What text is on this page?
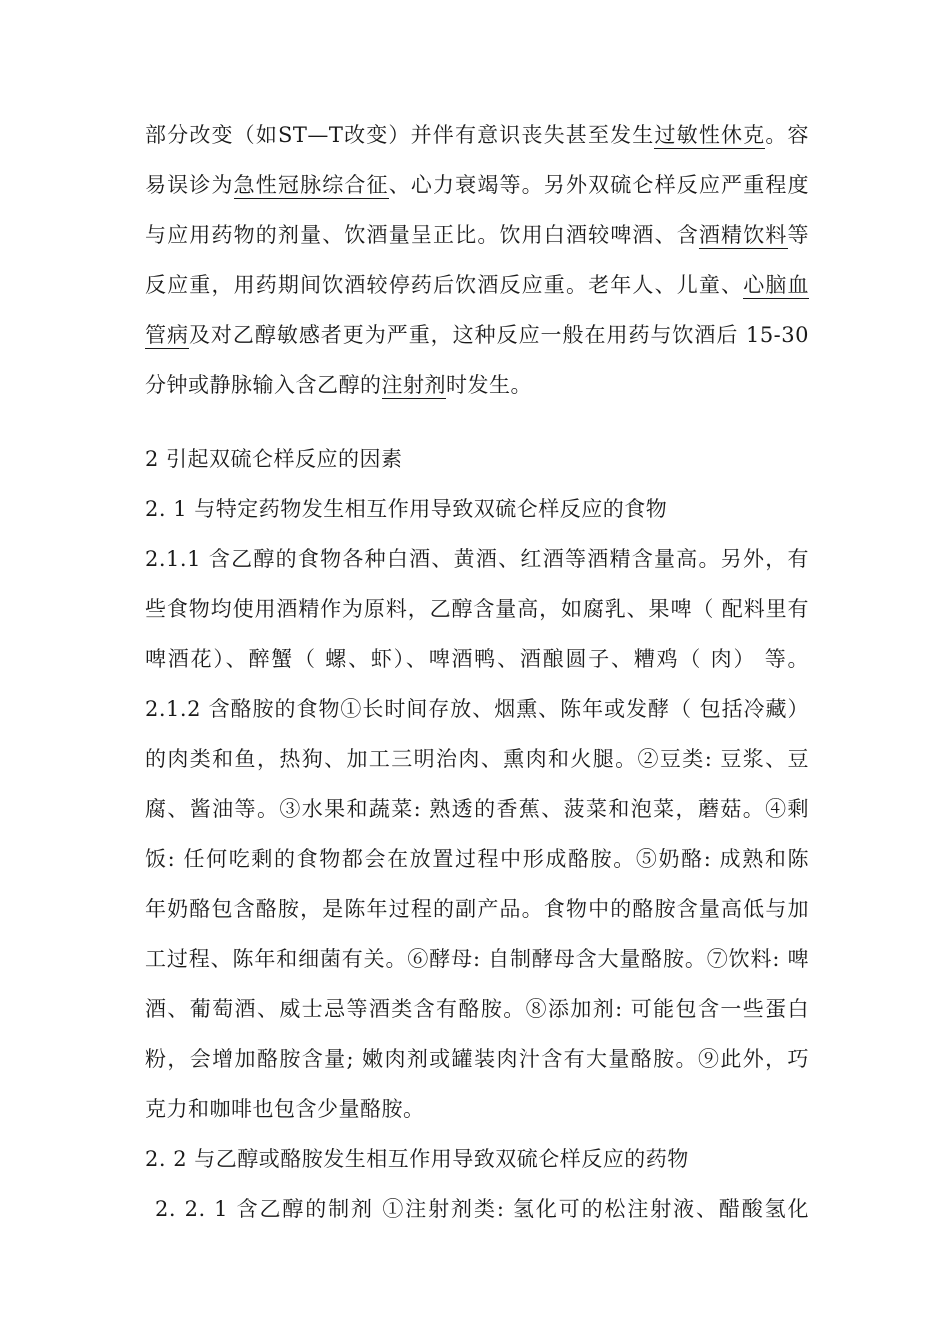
部分改变（如ST—T改变）并伴有意识丧失甚至发生过敏性休克。容
易误诊为急性冠脉综合征、心力衰竭等。另外双硫仑样反应严重程度
与应用药物的剂量、饮酒量呈正比。饮用白酒较啤酒、含酒精饮料等
反应重，用药期间饮酒较停药后饮酒反应重。老年人、儿童、心脑血
管病及对乙醇敏感者更为严重，这种反应一般在用药与饮酒后 15-30
分钟或静脉输入含乙醇的注射剂时发生。
2 引起双硫仑样反应的因素
2. 1 与特定药物发生相互作用导致双硫仑样反应的食物
2.1.1 含乙醇的食物各种白酒、黄酒、红酒等酒精含量高。另外，有
些食物均使用酒精作为原料，乙醇含量高，如腐乳、果啤（ 配料里有
啤酒花）、醉蟹（ 螺、虾）、啤酒鸭、酒酿圆子、糟鸡（ 肉） 等。
2.1.2 含酪胺的食物①长时间存放、烟熏、陈年或发酵（ 包括冷藏）
的肉类和鱼，热狗、加工三明治肉、熏肉和火腿。②豆类: 豆浆、豆
腐、酱油等。③水果和蔬菜: 熟透的香蕉、菠菜和泡菜，蘑菇。④剩
饭: 任何吃剩的食物都会在放置过程中形成酪胺。⑤奶酪: 成熟和陈
年奶酪包含酪胺，是陈年过程的副产品。食物中的酪胺含量高低与加
工过程、陈年和细菌有关。⑥酵母: 自制酵母含大量酪胺。⑦饮料: 啤
酒、葡萄酒、威士忌等酒类含有酪胺。⑧添加剂: 可能包含一些蛋白
粉，会增加酪胺含量; 嫩肉剂或罐装肉汁含有大量酪胺。⑨此外，巧
克力和咖啡也包含少量酪胺。
2. 2 与乙醇或酪胺发生相互作用导致双硫仑样反应的药物
2. 2. 1 含乙醇的制剂 ①注射剂类: 氢化可的松注射液、醋酸氢化
